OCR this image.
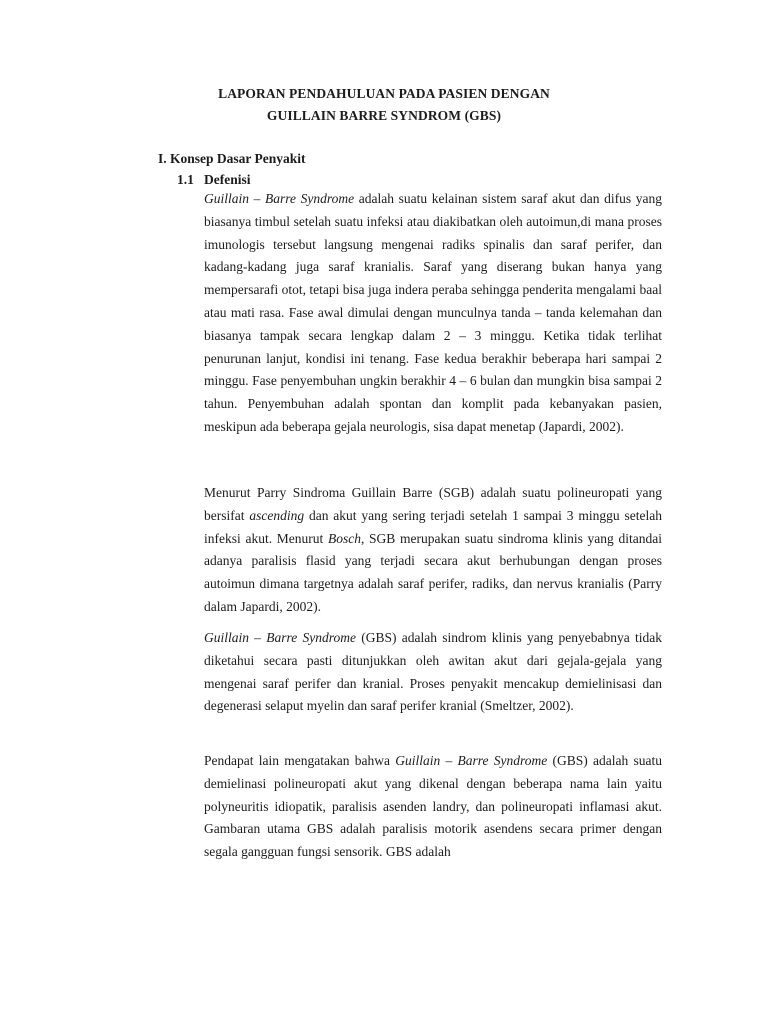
LAPORAN PENDAHULUAN PADA PASIEN DENGAN
GUILLAIN BARRE SYNDROM (GBS)
I. Konsep Dasar Penyakit
1.1 Defenisi

Guillain – Barre Syndrome adalah suatu kelainan sistem saraf akut dan difus yang biasanya timbul setelah suatu infeksi atau diakibatkan oleh autoimun,di mana proses imunologis tersebut langsung mengenai radiks spinalis dan saraf perifer, dan kadang-kadang juga saraf kranialis. Saraf yang diserang bukan hanya yang mempersarafi otot, tetapi bisa juga indera peraba sehingga penderita mengalami baal atau mati rasa. Fase awal dimulai dengan munculnya tanda – tanda kelemahan dan biasanya tampak secara lengkap dalam 2 – 3 minggu. Ketika tidak terlihat penurunan lanjut, kondisi ini tenang. Fase kedua berakhir beberapa hari sampai 2 minggu. Fase penyembuhan ungkin berakhir 4 – 6 bulan dan mungkin bisa sampai 2 tahun. Penyembuhan adalah spontan dan komplit pada kebanyakan pasien, meskipun ada beberapa gejala neurologis, sisa dapat menetap (Japardi, 2002).

Menurut Parry Sindroma Guillain Barre (SGB) adalah suatu polineuropati yang bersifat ascending dan akut yang sering terjadi setelah 1 sampai 3 minggu setelah infeksi akut. Menurut Bosch, SGB merupakan suatu sindroma klinis yang ditandai adanya paralisis flasid yang terjadi secara akut berhubungan dengan proses autoimun dimana targetnya adalah saraf perifer, radiks, dan nervus kranialis (Parry dalam Japardi, 2002).

Guillain – Barre Syndrome (GBS) adalah sindrom klinis yang penyebabnya tidak diketahui secara pasti ditunjukkan oleh awitan akut dari gejala-gejala yang mengenai saraf perifer dan kranial. Proses penyakit mencakup demielinisasi dan degenerasi selaput myelin dan saraf perifer kranial (Smeltzer, 2002).

Pendapat lain mengatakan bahwa Guillain – Barre Syndrome (GBS) adalah suatu demielinasi polineuropati akut yang dikenal dengan beberapa nama lain yaitu polyneuritis idiopatik, paralisis asenden landry, dan polineuropati inflamasi akut. Gambaran utama GBS adalah paralisis motorik asendens secara primer dengan segala gangguan fungsi sensorik. GBS adalah
